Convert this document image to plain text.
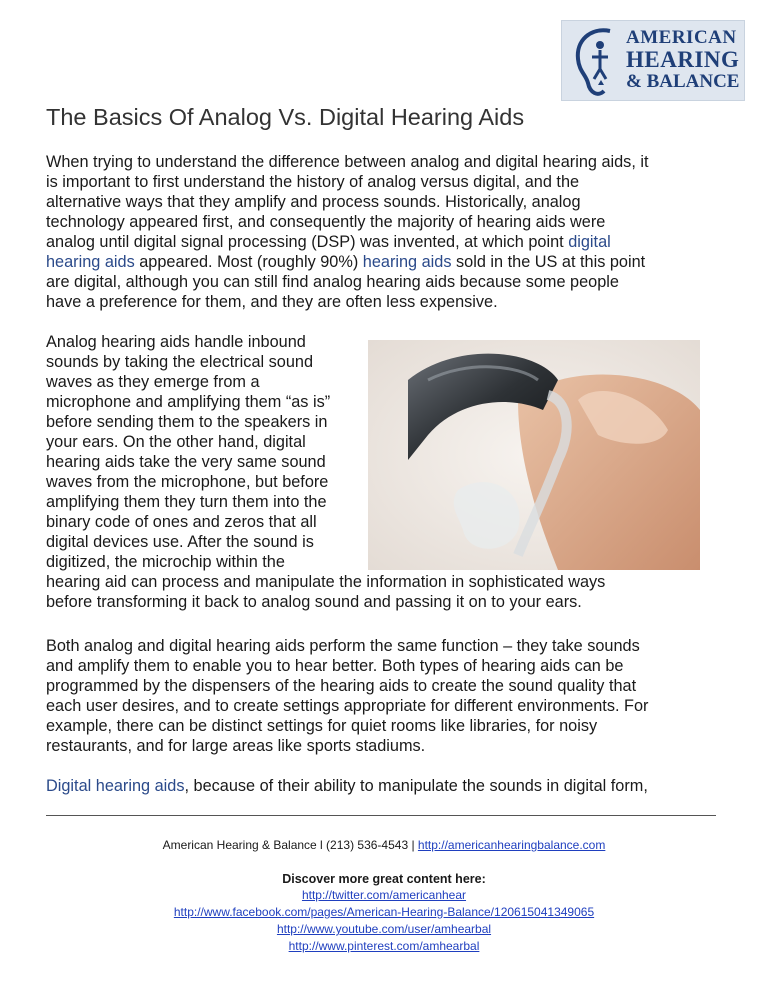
AMERICAN
HEARING
& BALANCE
The Basics Of Analog Vs. Digital Hearing Aids
When trying to understand the difference between analog and digital hearing aids, it
is important to first understand the history of analog versus digital, and the
alternative ways that they amplify and process sounds. Historically, analog
technology appeared first, and consequently the majority of hearing aids were
analog until digital signal processing (DSP) was invented, at which point digital
hearing aids appeared. Most (roughly 90%) hearing aids sold in the US at this point
are digital, although you can still find analog hearing aids because some people
have a preference for them, and they are often less expensive.
Analog hearing aids handle inbound
sounds by taking the electrical sound
waves as they emerge from a
microphone and amplifying them “as is”
before sending them to the speakers in
your ears. On the other hand, digital
hearing aids take the very same sound
waves from the microphone, but before
amplifying them they turn them into the
binary code of ones and zeros that all
digital devices use. After the sound is
digitized, the microchip within the
hearing aid can process and manipulate the information in sophisticated ways
before transforming it back to analog sound and passing it on to your ears.
Both analog and digital hearing aids perform the same function – they take sounds
and amplify them to enable you to hear better. Both types of hearing aids can be
programmed by the dispensers of the hearing aids to create the sound quality that
each user desires, and to create settings appropriate for different environments. For
example, there can be distinct settings for quiet rooms like libraries, for noisy
restaurants, and for large areas like sports stadiums.
Digital hearing aids, because of their ability to manipulate the sounds in digital form,
American Hearing & Balance l (213) 536-4543 | http://americanhearingbalance.com
Discover more great content here:
http://twitter.com/americanhear
http://www.facebook.com/pages/American-Hearing-Balance/120615041349065
http://www.youtube.com/user/amhearbal
http://www.pinterest.com/amhearbal
